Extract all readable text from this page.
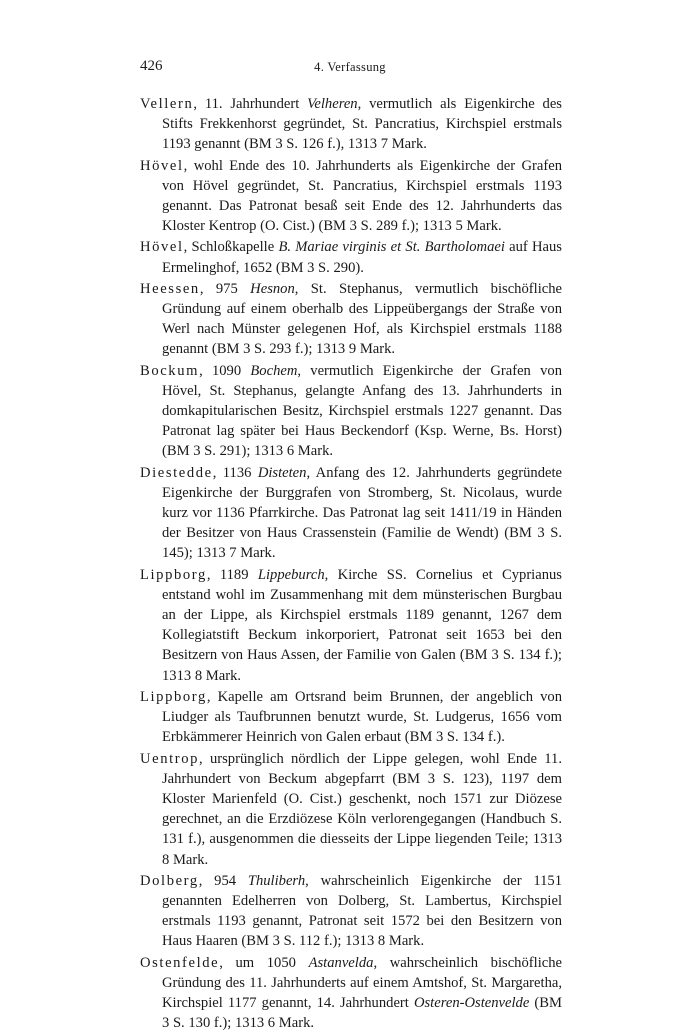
426	4. Verfassung

Vellern, 11. Jahrhundert Velheren, vermutlich als Eigenkirche des Stifts Frekkenhorst gegründet, St. Pancratius, Kirchspiel erstmals 1193 genannt (BM 3 S. 126 f.), 1313 7 Mark.

Hövel, wohl Ende des 10. Jahrhunderts als Eigenkirche der Grafen von Hövel gegründet, St. Pancratius, Kirchspiel erstmals 1193 genannt. Das Patronat besaß seit Ende des 12. Jahrhunderts das Kloster Kentrop (O. Cist.) (BM 3 S. 289 f.); 1313 5 Mark.

Hövel, Schloßkapelle B. Mariae virginis et St. Bartholomaei auf Haus Ermelinghof, 1652 (BM 3 S. 290).

Heessen, 975 Hesnon, St. Stephanus, vermutlich bischöfliche Gründung auf einem oberhalb des Lippeübergangs der Straße von Werl nach Münster gelegenen Hof, als Kirchspiel erstmals 1188 genannt (BM 3 S. 293 f.); 1313 9 Mark.

Bockum, 1090 Bochem, vermutlich Eigenkirche der Grafen von Hövel, St. Stephanus, gelangte Anfang des 13. Jahrhunderts in domkapitularischen Besitz, Kirchspiel erstmals 1227 genannt. Das Patronat lag später bei Haus Beckendorf (Ksp. Werne, Bs. Horst) (BM 3 S. 291); 1313 6 Mark.

Diestedde, 1136 Disteten, Anfang des 12. Jahrhunderts gegründete Eigenkirche der Burggrafen von Stromberg, St. Nicolaus, wurde kurz vor 1136 Pfarrkirche. Das Patronat lag seit 1411/19 in Händen der Besitzer von Haus Crassenstein (Familie de Wendt) (BM 3 S. 145); 1313 7 Mark.

Lippborg, 1189 Lippeburch, Kirche SS. Cornelius et Cyprianus entstand wohl im Zusammenhang mit dem münsterischen Burgbau an der Lippe, als Kirchspiel erstmals 1189 genannt, 1267 dem Kollegiatstift Beckum inkorporiert, Patronat seit 1653 bei den Besitzern von Haus Assen, der Familie von Galen (BM 3 S. 134 f.); 1313 8 Mark.

Lippborg, Kapelle am Ortsrand beim Brunnen, der angeblich von Liudger als Taufbrunnen benutzt wurde, St. Ludgerus, 1656 vom Erbkämmerer Heinrich von Galen erbaut (BM 3 S. 134 f.).

Uentrop, ursprünglich nördlich der Lippe gelegen, wohl Ende 11. Jahrhundert von Beckum abgepfarrt (BM 3 S. 123), 1197 dem Kloster Marienfeld (O. Cist.) geschenkt, noch 1571 zur Diözese gerechnet, an die Erzdiözese Köln verlorengegangen (Handbuch S. 131 f.), ausgenommen die diesseits der Lippe liegenden Teile; 1313 8 Mark.

Dolberg, 954 Thuliberh, wahrscheinlich Eigenkirche der 1151 genannten Edelherren von Dolberg, St. Lambertus, Kirchspiel erstmals 1193 genannt, Patronat seit 1572 bei den Besitzern von Haus Haaren (BM 3 S. 112 f.); 1313 8 Mark.

Ostenfelde, um 1050 Astanvelda, wahrscheinlich bischöfliche Gründung des 11. Jahrhunderts auf einem Amtshof, St. Margaretha, Kirchspiel 1177 genannt, 14. Jahrhundert Osteren-Ostenvelde (BM 3 S. 130 f.); 1313 6 Mark.
